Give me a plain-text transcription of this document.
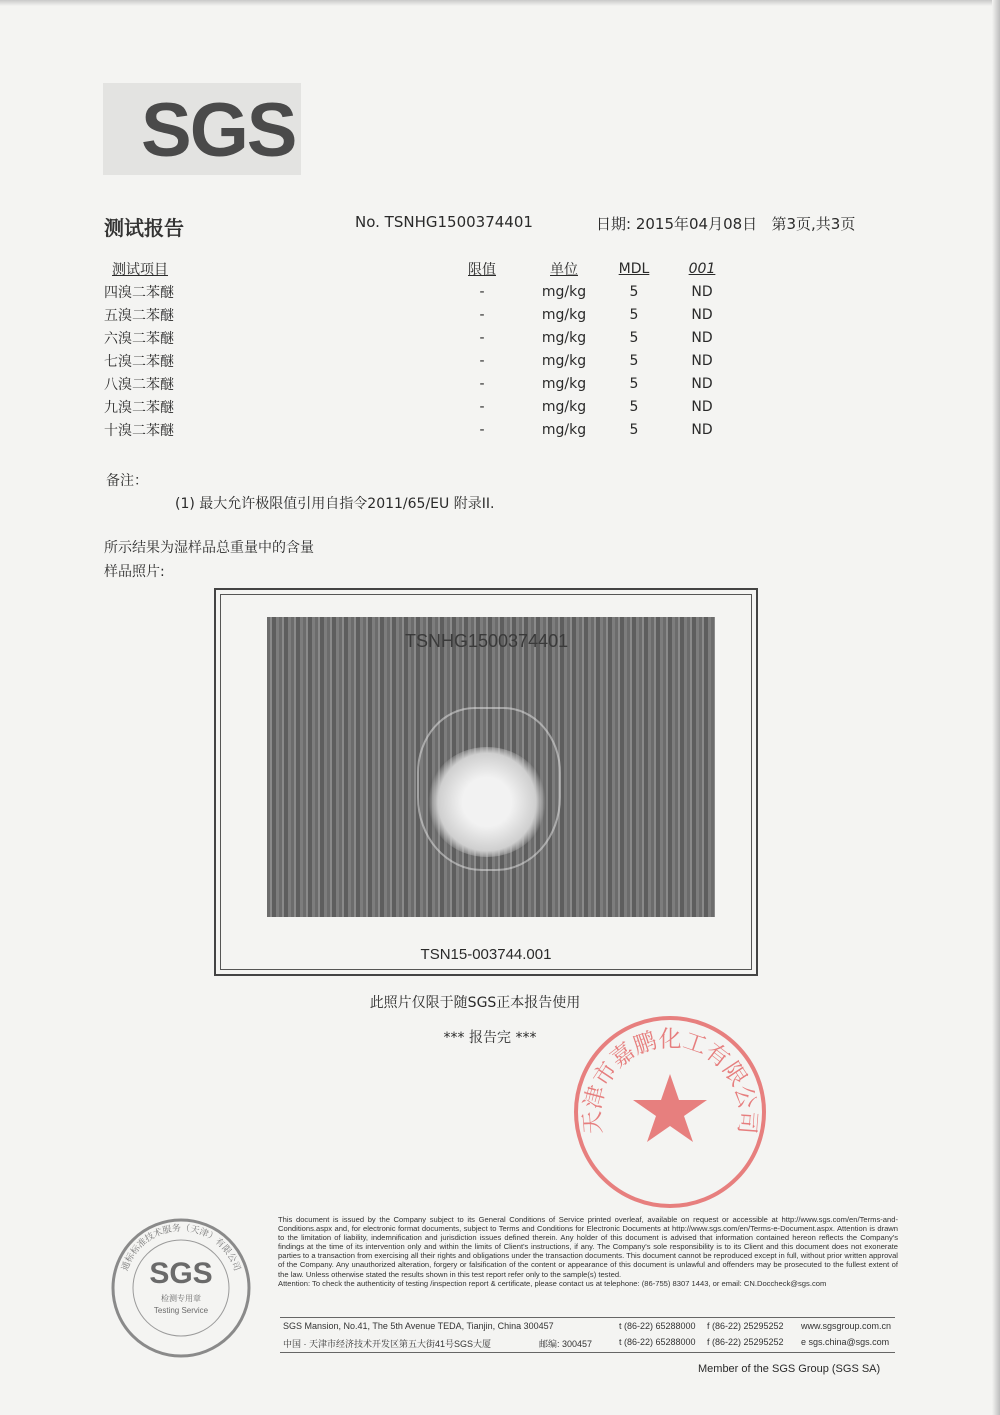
SGS
测试报告	No. TSNHG1500374401	日期: 2015年04月08日 第3页,共3页
测试项目	限值	单位	MDL	001
四溴二苯醚	-	mg/kg	5	ND
五溴二苯醚	-	mg/kg	5	ND
六溴二苯醚	-	mg/kg	5	ND
七溴二苯醚	-	mg/kg	5	ND
八溴二苯醚	-	mg/kg	5	ND
九溴二苯醚	-	mg/kg	5	ND
十溴二苯醚	-	mg/kg	5	ND
备注：
(1) 最大允许极限值引用自指令2011/65/EU 附录II.
所示结果为湿样品总重量中的含量
样品照片:
TSNHG1500374401
TSN15-003744.001
此照片仅限于随SGS正本报告使用
*** 报告完 ***
天津市嘉鹏化工有限公司
通标标准技术服务（天津）有限公司
SGS
检测专用章
Testing Service
This document is issued by the Company subject to its General Conditions of Service printed overleaf, available on request or accessible at http://www.sgs.com/en/Terms-and-Conditions.aspx and, for electronic format documents, subject to Terms and Conditions for Electronic Documents at http://www.sgs.com/en/Terms-e-Document.aspx. Attention is drawn to the limitation of liability, indemnification and jurisdiction issues defined therein. Any holder of this document is advised that information contained hereon reflects the Company's findings at the time of its intervention only and within the limits of Client's instructions, if any. The Company's sole responsibility is to its Client and this document does not exonerate parties to a transaction from exercising all their rights and obligations under the transaction documents. This document cannot be reproduced except in full, without prior written approval of the Company. Any unauthorized alteration, forgery or falsification of the content or appearance of this document is unlawful and offenders may be prosecuted to the fullest extent of the law. Unless otherwise stated the results shown in this test report refer only to the sample(s) tested.
Attention: To check the authenticity of testing /inspection report & certificate, please contact us at telephone: (86-755) 8307 1443, or email: CN.Doccheck@sgs.com
SGS Mansion, No.41, The 5th Avenue TEDA, Tianjin, China 300457	t (86-22) 65288000 f (86-22) 25295252 www.sgsgroup.com.cn
中国 · 天津市经济技术开发区第五大街41号SGS大厦	邮编: 300457	t (86-22) 65288000 f (86-22) 25295252 e sgs.china@sgs.com
Member of the SGS Group (SGS SA)
